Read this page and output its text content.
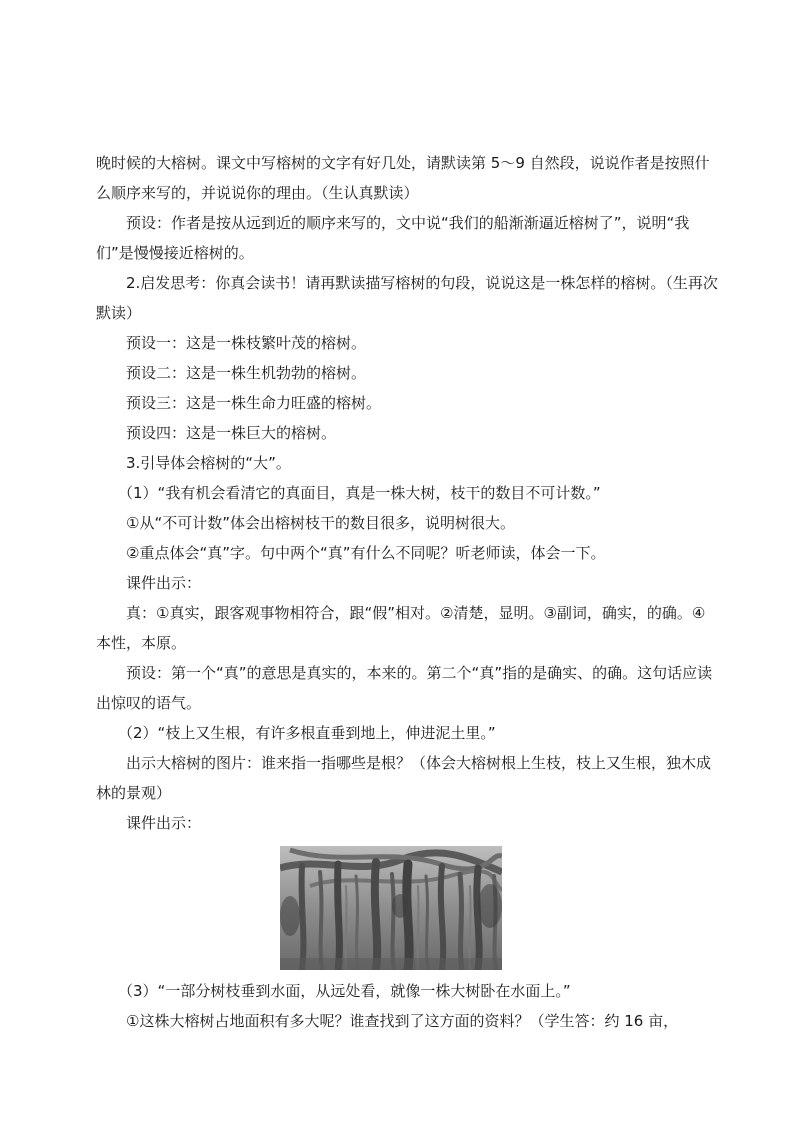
晚时候的大榕树。课文中写榕树的文字有好几处，请默读第 5～9 自然段，说说作者是按照什么顺序来写的，并说说你的理由。（生认真默读）

预设：作者是按从远到近的顺序来写的，文中说“我们的船渐渐逼近榕树了”，说明“我们”是慢慢接近榕树的。

2.启发思考：你真会读书！请再默读描写榕树的句段，说说这是一株怎样的榕树。（生再次默读）

预设一：这是一株枝繁叶茂的榕树。

预设二：这是一株生机勃勃的榕树。

预设三：这是一株生命力旺盛的榕树。

预设四：这是一株巨大的榕树。

3.引导体会榕树的“大”。

（1）“我有机会看清它的真面目，真是一株大树，枝干的数目不可计数。”

①从“不可计数”体会出榕树枝干的数目很多，说明树很大。

②重点体会“真”字。句中两个“真”有什么不同呢？听老师读，体会一下。

课件出示：

真：①真实，跟客观事物相符合，跟“假”相对。②清楚，显明。③副词，确实，的确。④本性，本原。

预设：第一个“真”的意思是真实的，本来的。第二个“真”指的是确实、的确。这句话应读出惊叹的语气。

（2）“枝上又生根，有许多根直垂到地上，伸进泥土里。”

出示大榕树的图片：谁来指一指哪些是根？（体会大榕树根上生枝，枝上又生根，独木成林的景观）

课件出示：

（3）“一部分树枝垂到水面，从远处看，就像一株大树卧在水面上。”

①这株大榕树占地面积有多大呢？谁查找到了这方面的资料？（学生答：约 16 亩，
